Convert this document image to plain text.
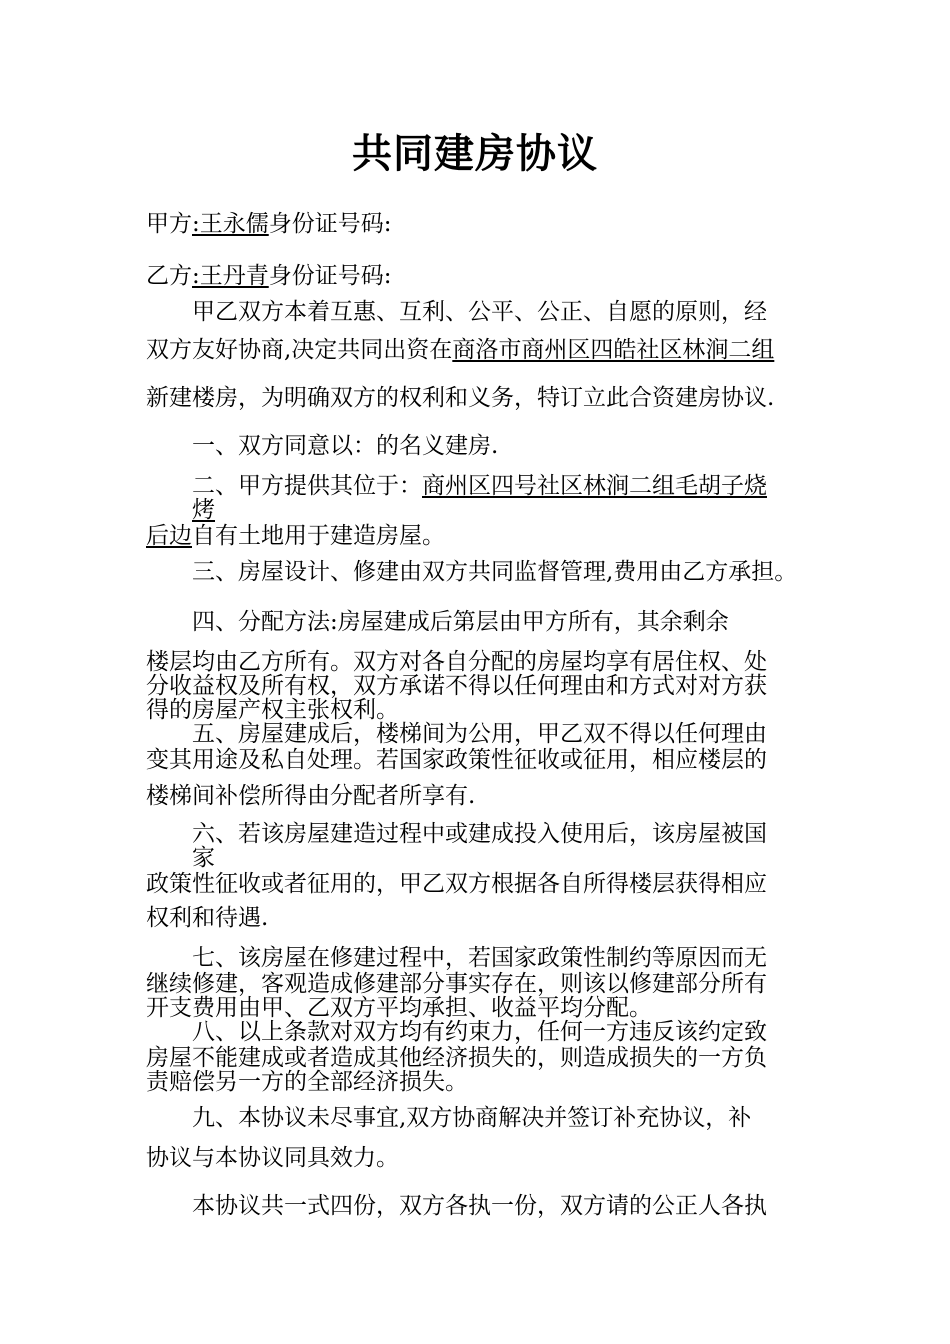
共同建房协议
甲方:王永儒身份证号码:
乙方:王丹青身份证号码:
甲乙双方本着互惠、互利、公平、公正、自愿的原则，经
双方友好协商,决定共同出资在商洛市商州区四皓社区林涧二组
新建楼房，为明确双方的权利和义务，特订立此合资建房协议.
一、双方同意以：的名义建房.
二、甲方提供其位于：商州区四号社区林涧二组毛胡子烧
烤
后边自有土地用于建造房屋。
三、房屋设计、修建由双方共同监督管理,费用由乙方承担。
四、分配方法:房屋建成后第层由甲方所有，其余剩余
楼层均由乙方所有。双方对各自分配的房屋均享有居住权、处
分收益权及所有权，双方承诺不得以任何理由和方式对对方获
得的房屋产权主张权利。
五、房屋建成后，楼梯间为公用，甲乙双不得以任何理由
变其用途及私自处理。若国家政策性征收或征用，相应楼层的
楼梯间补偿所得由分配者所享有.
六、若该房屋建造过程中或建成投入使用后，该房屋被国
家
政策性征收或者征用的，甲乙双方根据各自所得楼层获得相应
权利和待遇.
七、该房屋在修建过程中，若国家政策性制约等原因而无
继续修建，客观造成修建部分事实存在，则该以修建部分所有
开支费用由甲、乙双方平均承担、收益平均分配。
八、以上条款对双方均有约束力，任何一方违反该约定致
房屋不能建成或者造成其他经济损失的，则造成损失的一方负
责赔偿另一方的全部经济损失。
九、本协议未尽事宜,双方协商解决并签订补充协议，补
协议与本协议同具效力。
本协议共一式四份，双方各执一份，双方请的公正人各执
